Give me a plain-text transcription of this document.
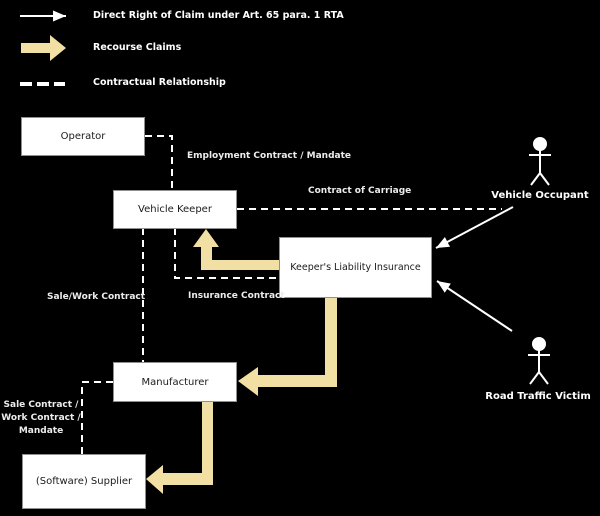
Direct Right of Claim under Art. 65 para. 1 RTA
Recourse Claims
Contractual Relationship
Operator
Vehicle Keeper
Keeper's Liability Insurance
Manufacturer
(Software) Supplier
Vehicle Occupant
Road Traffic Victim
Employment Contract / Mandate
Contract of Carriage
Insurance Contract
Sale/Work Contract
Sale Contract /
Work Contract /
Mandate
